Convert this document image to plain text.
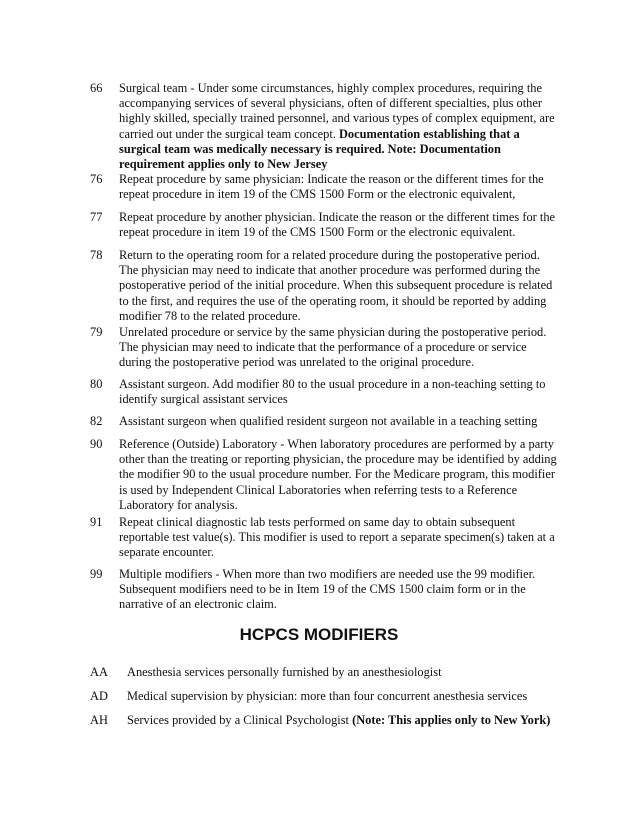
66	Surgical team - Under some circumstances, highly complex procedures, requiring the accompanying services of several physicians, often of different specialties, plus other highly skilled, specially trained personnel, and various types of complex equipment, are carried out under the surgical team concept. Documentation establishing that a surgical team was medically necessary is required. Note: Documentation requirement applies only to New Jersey
76	Repeat procedure by same physician: Indicate the reason or the different times for the repeat procedure in item 19 of the CMS 1500 Form or the electronic equivalent,
77	Repeat procedure by another physician. Indicate the reason or the different times for the repeat procedure in item 19 of the CMS 1500 Form or the electronic equivalent.
78	Return to the operating room for a related procedure during the postoperative period. The physician may need to indicate that another procedure was performed during the postoperative period of the initial procedure. When this subsequent procedure is related to the first, and requires the use of the operating room, it should be reported by adding modifier 78 to the related procedure.
79	Unrelated procedure or service by the same physician during the postoperative period. The physician may need to indicate that the performance of a procedure or service during the postoperative period was unrelated to the original procedure.
80	Assistant surgeon. Add modifier 80 to the usual procedure in a non-teaching setting to identify surgical assistant services
82	Assistant surgeon when qualified resident surgeon not available in a teaching setting
90	Reference (Outside) Laboratory - When laboratory procedures are performed by a party other than the treating or reporting physician, the procedure may be identified by adding the modifier 90 to the usual procedure number. For the Medicare program, this modifier is used by Independent Clinical Laboratories when referring tests to a Reference Laboratory for analysis.
91	Repeat clinical diagnostic lab tests performed on same day to obtain subsequent reportable test value(s). This modifier is used to report a separate specimen(s) taken at a separate encounter.
99	Multiple modifiers - When more than two modifiers are needed use the 99 modifier. Subsequent modifiers need to be in Item 19 of the CMS 1500 claim form or in the narrative of an electronic claim.
HCPCS MODIFIERS
AA	Anesthesia services personally furnished by an anesthesiologist
AD	Medical supervision by physician: more than four concurrent anesthesia services
AH	Services provided by a Clinical Psychologist (Note: This applies only to New York)
